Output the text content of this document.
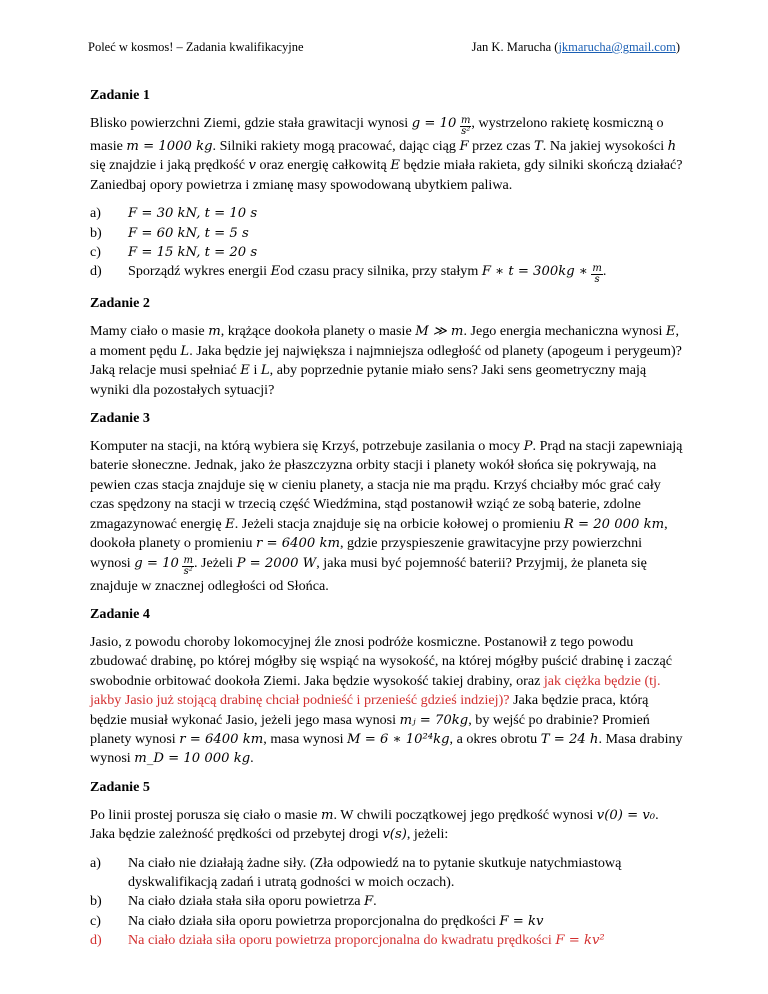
Poleć w kosmos! – Zadania kwalifikacyjne	Jan K. Marucha (jkmarucha@gmail.com)
Zadanie 1

Blisko powierzchni Ziemi, gdzie stała grawitacji wynosi $g = 10 \frac{m}{\text{s²}}$ , wystrzelono rakietę kosmiczną o masie m = 1000 kg. Silniki rakiety mogą pracować, dając ciąg F przez czas T. Na jakiej wysokości h się znajdzie i jaką prędkość v oraz energię całkowitą E będzie miała rakieta, gdy silniki skończą działać? Zaniedbaj opory powietrza i zmianę masy spowodowaną ubytkiem paliwa.

a) F = 30 kN, t = 10 s
b) F = 60 kN, t = 5 s
c) F = 15 kN, t = 20 s
d) Sporządź wykres energii Eod czasu pracy silnika, przy stałym F ∗ t = 300kg ∗ $\frac{m}{s}$ .
Zadanie 2

Mamy ciało o masie m, krążące dookoła planety o masie M ≫ m. Jego energia mechaniczna wynosi E, a moment pędu L. Jaka będzie jej największa i najmniejsza odległość od planety (apogeum i perygeum)? Jaką relacje musi spełniać E i L, aby poprzednie pytanie miało sens? Jaki sens geometryczny mają wyniki dla pozostałych sytuacji?

Zadanie 3

Komputer na stacji, na którą wybiera się Krzyś, potrzebuje zasilania o mocy P. Prąd na stacji zapewniają baterie słoneczne. Jednak, jako że płaszczyzna orbity stacji i planety wokół słońca się pokrywają, na pewien czas stacja znajduje się w cieniu planety, a stacja nie ma prądu. Krzyś chciałby móc grać cały czas spędzony na stacji w trzecią część Wiedźmina, stąd postanowił wziąć ze sobą baterie, zdolne zmagazynować energię E. Jeżeli stacja znajduje się na orbicie kołowej o promieniu R = 20 000 km, dookoła planety o promieniu r = 6400 km, gdzie przyspieszenie grawitacyjne przy powierzchni wynosi $g = 10 \frac{m}{\text{s²}}$ . Jeżeli P = 2000 W, jaka musi być pojemność baterii? Przyjmij, że planeta się znajduje w znacznej odległości od Słońca.

Zadanie 4

Jasio, z powodu choroby lokomocyjnej źle znosi podróże kosmiczne. Postanowił z tego powodu zbudować drabinę, po której mógłby się wspiąć na wysokość, na której mógłby puścić drabinę i zacząć swobodnie orbitować dookoła Ziemi. Jaka będzie wysokość takiej drabiny, oraz jak ciężka będzie (tj. jakby Jasio już stojącą drabinę chciał podnieść i przenieść gdzieś indziej)? Jaka będzie praca, którą będzie musiał wykonać Jasio, jeżeli jego masa wynosi mⱼ = 70kg, by wejść po drabinie? Promień planety wynosi r = 6400 km, masa wynosi M = 6 ∗ 10²⁴kg, a okres obrotu T = 24 h. Masa drabiny wynosi m_D = 10 000 kg.

Zadanie 5

Po linii prostej porusza się ciało o masie m. W chwili początkowej jego prędkość wynosi v(0) = v₀. Jaka będzie zależność prędkości od przebytej drogi v(s), jeżeli:

a) Na ciało nie działają żadne siły. (Zła odpowiedź na to pytanie skutkuje natychmiastową dyskwalifikacją zadań i utratą godności w moich oczach).
b) Na ciało działa stała siła oporu powietrza F.
c) Na ciało działa siła oporu powietrza proporcjonalna do prędkości F = kv
d) Na ciało działa siła oporu powietrza proporcjonalna do kwadratu prędkości F = kv²
